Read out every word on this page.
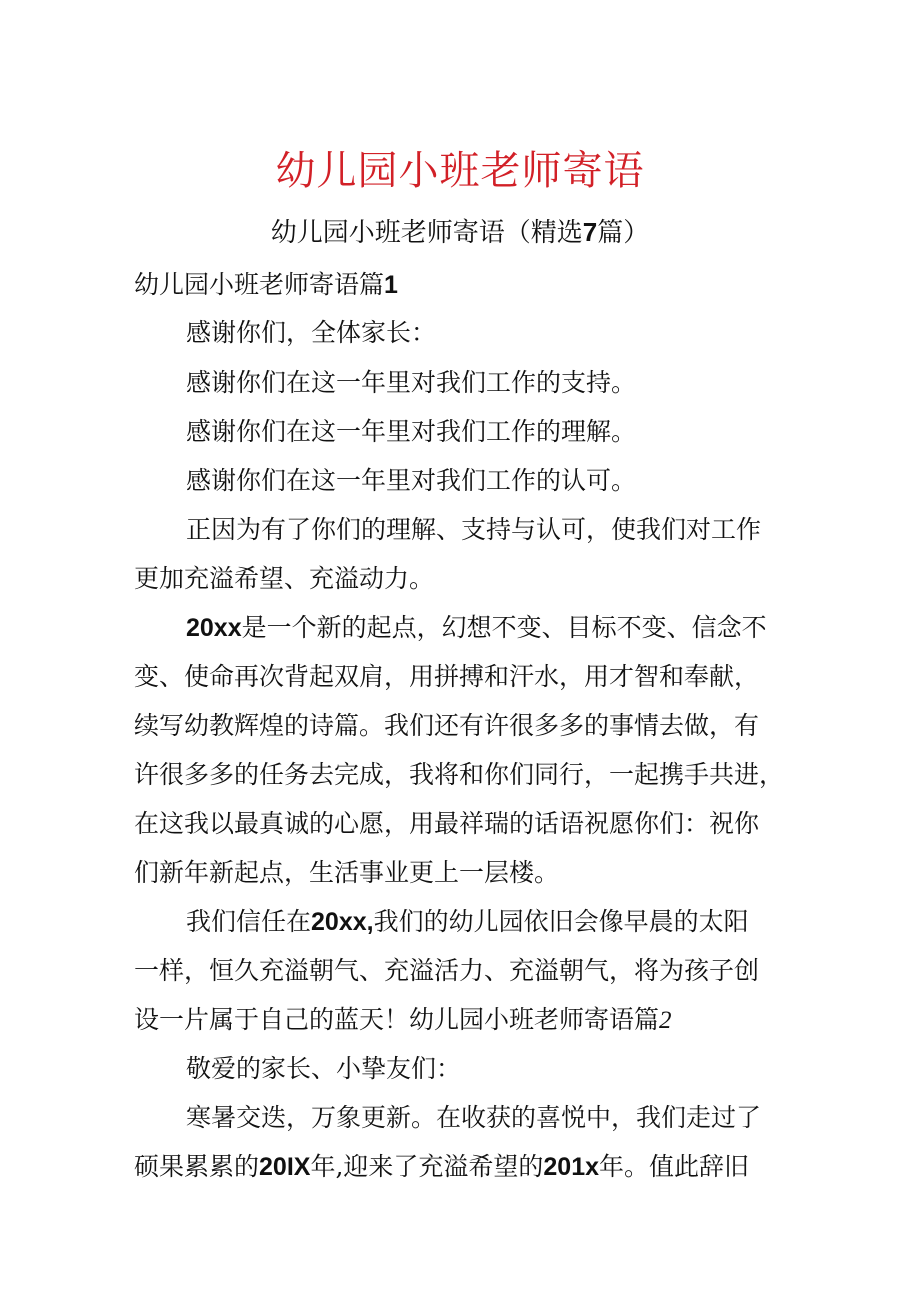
幼儿园小班老师寄语
幼儿园小班老师寄语（精选7篇）
幼儿园小班老师寄语篇1
感谢你们，全体家长：
感谢你们在这一年里对我们工作的支持。
感谢你们在这一年里对我们工作的理解。
感谢你们在这一年里对我们工作的认可。
正因为有了你们的理解、支持与认可，使我们对工作
更加充溢希望、充溢动力。
20xx是一个新的起点，幻想不变、目标不变、信念不
变、使命再次背起双肩，用拼搏和汗水，用才智和奉献，
续写幼教辉煌的诗篇。我们还有许很多多的事情去做，有
许很多多的任务去完成，我将和你们同行，一起携手共进，
在这我以最真诚的心愿，用最祥瑞的话语祝愿你们：祝你
们新年新起点，生活事业更上一层楼。
我们信任在20xx,我们的幼儿园依旧会像早晨的太阳
一样，恒久充溢朝气、充溢活力、充溢朝气，将为孩子创
设一片属于自己的蓝天！幼儿园小班老师寄语篇2
敬爱的家长、小挚友们：
寒暑交迭，万象更新。在收获的喜悦中，我们走过了
硕果累累的20IX年,迎来了充溢希望的201x年。值此辞旧
